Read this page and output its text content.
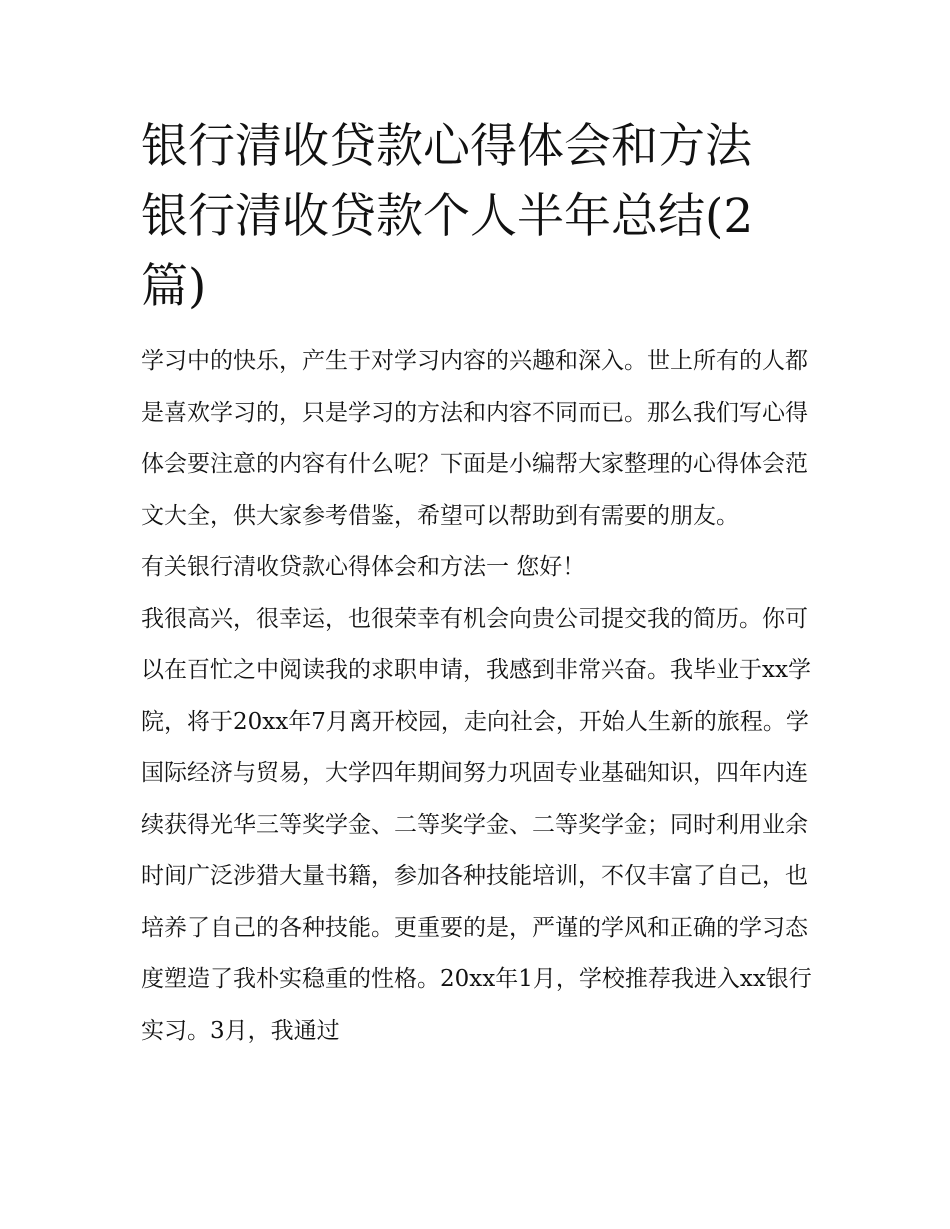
银行清收贷款心得体会和方法 银行清收贷款个人半年总结(2篇)

学习中的快乐，产生于对学习内容的兴趣和深入。世上所有的人都是喜欢学习的，只是学习的方法和内容不同而已。那么我们写心得体会要注意的内容有什么呢？下面是小编帮大家整理的心得体会范文大全，供大家参考借鉴，希望可以帮助到有需要的朋友。

有关银行清收贷款心得体会和方法一 您好！

我很高兴，很幸运，也很荣幸有机会向贵公司提交我的简历。你可以在百忙之中阅读我的求职申请，我感到非常兴奋。我毕业于xx学院，将于20xx年7月离开校园，走向社会，开始人生新的旅程。学国际经济与贸易，大学四年期间努力巩固专业基础知识，四年内连续获得光华三等奖学金、二等奖学金、二等奖学金；同时利用业余时间广泛涉猎大量书籍，参加各种技能培训，不仅丰富了自己，也培养了自己的各种技能。更重要的是，严谨的学风和正确的学习态度塑造了我朴实稳重的性格。20xx年1月，学校推荐我进入xx银行实习。3月，我通过
